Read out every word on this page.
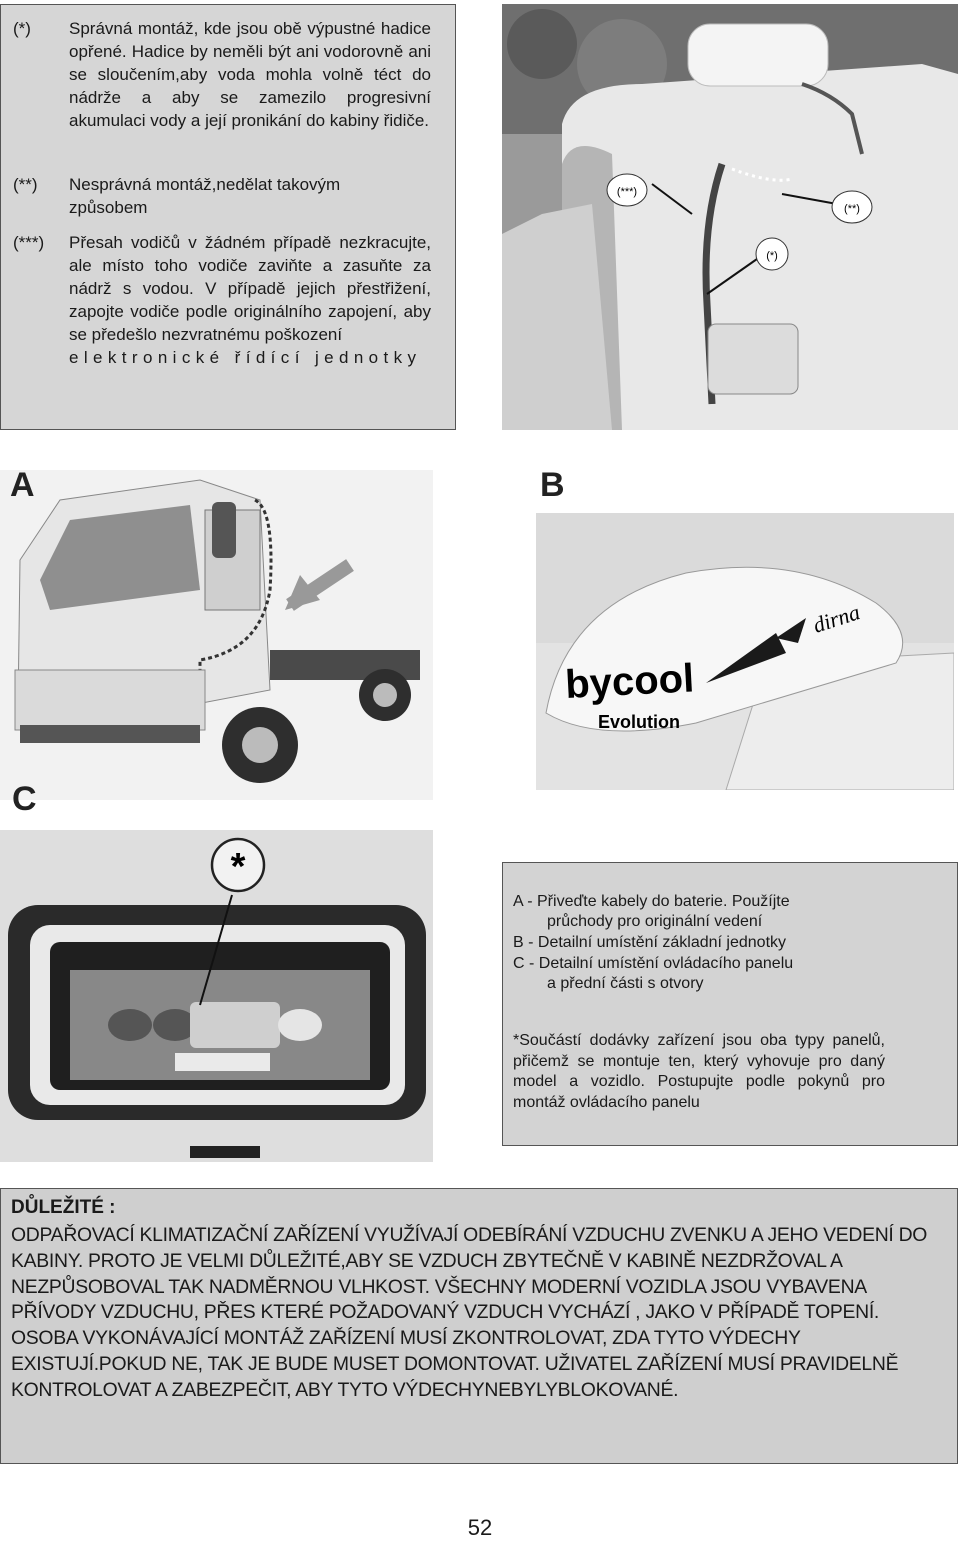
(*) Správná montáž, kde jsou obě výpustné hadice opřené. Hadice by neměli být ani vodorovně ani se sloučením,aby voda mohla volně téct do nádrže a aby se zamezilo progresivní akumulaci vody a její pronikání do kabiny řidiče.
(**) Nesprávná montáž,nedělat takovým způsobem
(***) Přesah vodičů v žádném případě nezkracujte, ale místo toho vodiče zaviňte a zasuňte za nádrž s vodou. V případě jejich přestřižení, zapojte vodiče podle originálního zapojení, aby se předešlo nezvratnému poškození
elektronické řídící jednotky
(***)
(**)
(*)
A
dirna
bycool
Evolution
B
C
*
A - Přiveďte kabely do baterie. Použíjte
průchody pro originální vedení
B - Detailní umístění základní jednotky
C - Detailní umístění ovládacího panelu
a přední části s otvory
*Součástí dodávky zařízení jsou oba typy panelů, přičemž se montuje ten, který vyhovuje pro daný model a vozidlo. Postupujte podle pokynů pro montáž ovládacího panelu
DŮLEŽITÉ :
ODPAŘOVACÍ KLIMATIZAČNÍ ZAŘÍZENÍ VYUŽÍVAJÍ ODEBÍRÁNÍ VZDUCHU ZVENKU A JEHO VEDENÍ DO KABINY. PROTO JE VELMI DŮLEŽITÉ,ABY SE VZDUCH ZBYTEČNĚ V KABINĚ NEZDRŽOVAL A NEZPŮSOBOVAL TAK NADMĚRNOU VLHKOST. VŠECHNY MODERNÍ VOZIDLA JSOU VYBAVENA PŘÍVODY VZDUCHU, PŘES KTERÉ POŽADOVANÝ VZDUCH VYCHÁZÍ , JAKO V PŘÍPADĚ TOPENÍ. OSOBA VYKONÁVAJÍCÍ MONTÁŽ ZAŘÍZENÍ MUSÍ ZKONTROLOVAT, ZDA TYTO VÝDECHY EXISTUJÍ.POKUD NE, TAK JE BUDE MUSET DOMONTOVAT. UŽIVATEL ZAŘÍZENÍ MUSÍ PRAVIDELNĚ KONTROLOVAT A ZABEZPEČIT, ABY TYTO VÝDECHYNEBYLYBLOKOVANÉ.
52
